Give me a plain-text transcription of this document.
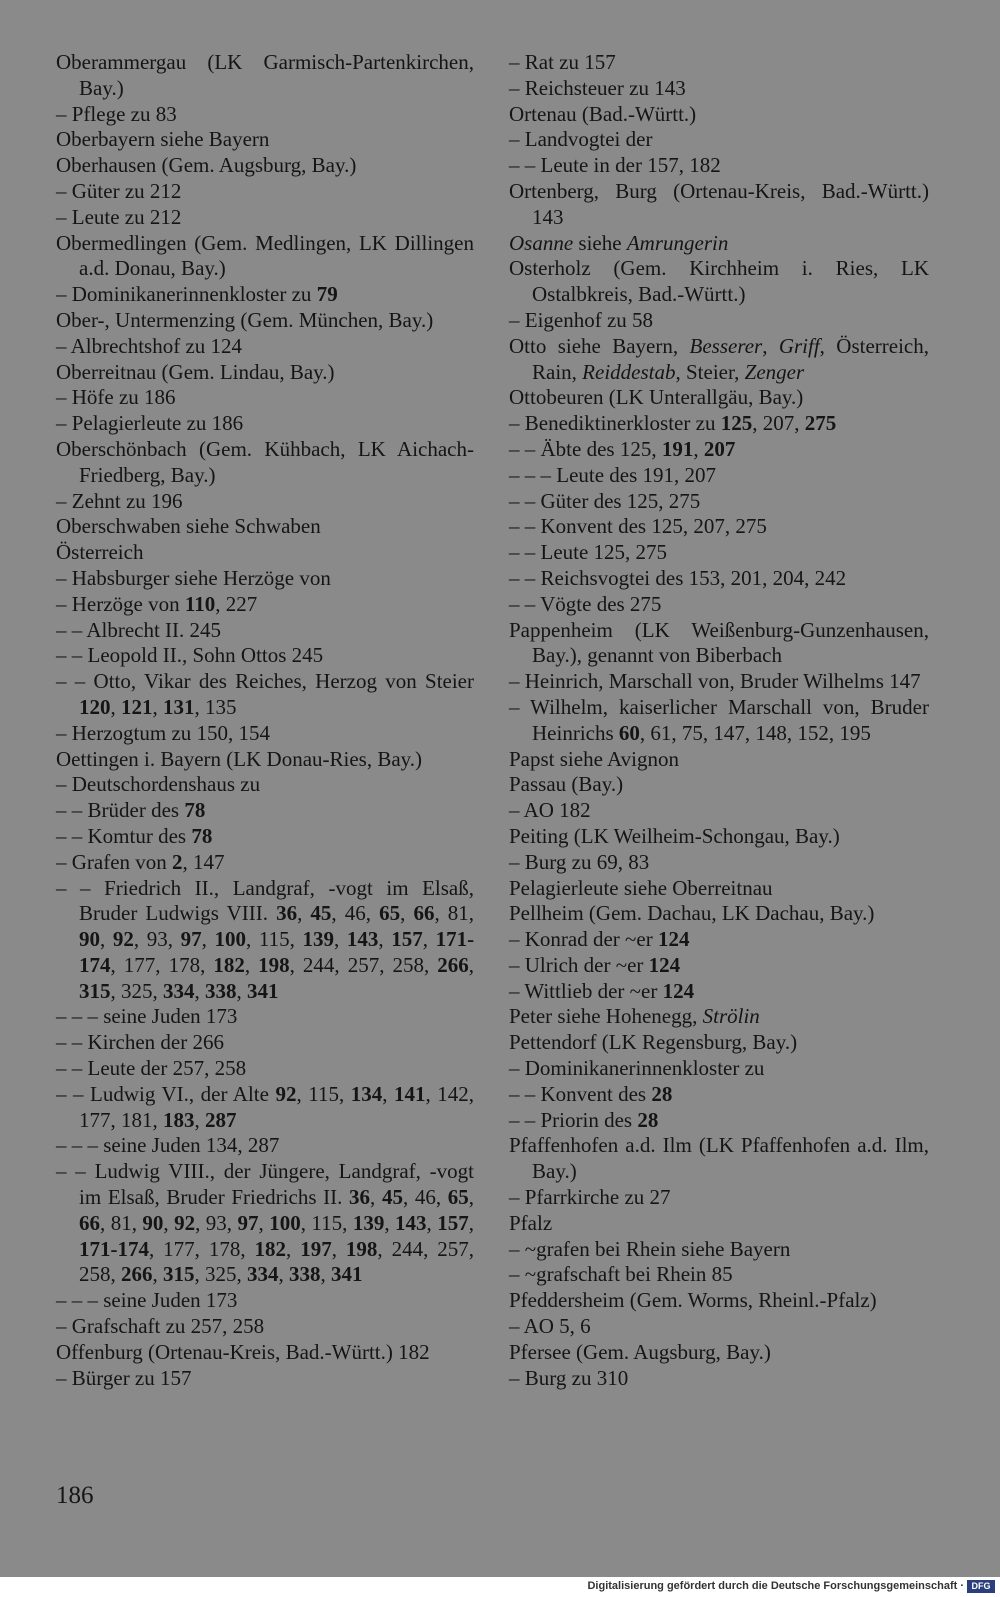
Oberammergau (LK Garmisch-Partenkirchen, Bay.)
– Pflege zu 83
Oberbayern siehe Bayern
Oberhausen (Gem. Augsburg, Bay.)
– Güter zu 212
– Leute zu 212
Obermedlingen (Gem. Medlingen, LK Dillingen a.d. Donau, Bay.)
– Dominikanerinnenkloster zu 79
Ober-, Untermenzing (Gem. München, Bay.)
– Albrechtshof zu 124
Oberreitnau (Gem. Lindau, Bay.)
– Höfe zu 186
– Pelagierleute zu 186
Oberschönbach (Gem. Kühbach, LK Aichach-Friedberg, Bay.)
– Zehnt zu 196
Oberschwaben siehe Schwaben
Österreich
– Habsburger siehe Herzöge von
– Herzöge von 110, 227
– – Albrecht II. 245
– – Leopold II., Sohn Ottos 245
– – Otto, Vikar des Reiches, Herzog von Steier 120, 121, 131, 135
– Herzogtum zu 150, 154
Oettingen i. Bayern (LK Donau-Ries, Bay.)
– Deutschordenshaus zu
– – Brüder des 78
– – Komtur des 78
– Grafen von 2, 147
– – Friedrich II., Landgraf, -vogt im Elsaß, Bruder Ludwigs VIII. 36, 45, 46, 65, 66, 81, 90, 92, 93, 97, 100, 115, 139, 143, 157, 171-174, 177, 178, 182, 198, 244, 257, 258, 266, 315, 325, 334, 338, 341
– – – seine Juden 173
– – Kirchen der 266
– – Leute der 257, 258
– – Ludwig VI., der Alte 92, 115, 134, 141, 142, 177, 181, 183, 287
– – – seine Juden 134, 287
– – Ludwig VIII., der Jüngere, Landgraf, -vogt im Elsaß, Bruder Friedrichs II. 36, 45, 46, 65, 66, 81, 90, 92, 93, 97, 100, 115, 139, 143, 157, 171-174, 177, 178, 182, 197, 198, 244, 257, 258, 266, 315, 325, 334, 338, 341
– – – seine Juden 173
– Grafschaft zu 257, 258
Offenburg (Ortenau-Kreis, Bad.-Württ.) 182
– Bürger zu 157
– Rat zu 157
– Reichsteuer zu 143
Ortenau (Bad.-Württ.)
– Landvogtei der
– – Leute in der 157, 182
Ortenberg, Burg (Ortenau-Kreis, Bad.-Württ.) 143
Osanne siehe Amrungerin
Osterholz (Gem. Kirchheim i. Ries, LK Ostalbkreis, Bad.-Württ.)
– Eigenhof zu 58
Otto siehe Bayern, Besserer, Griff, Österreich, Rain, Reiddestab, Steier, Zenger
Ottobeuren (LK Unterallgäu, Bay.)
– Benediktinerkloster zu 125, 207, 275
– – Äbte des 125, 191, 207
– – – Leute des 191, 207
– – Güter des 125, 275
– – Konvent des 125, 207, 275
– – Leute 125, 275
– – Reichsvogtei des 153, 201, 204, 242
– – Vögte des 275
Pappenheim (LK Weißenburg-Gunzenhausen, Bay.), genannt von Biberbach
– Heinrich, Marschall von, Bruder Wilhelms 147
– Wilhelm, kaiserlicher Marschall von, Bruder Heinrichs 60, 61, 75, 147, 148, 152, 195
Papst siehe Avignon
Passau (Bay.)
– AO 182
Peiting (LK Weilheim-Schongau, Bay.)
– Burg zu 69, 83
Pelagierleute siehe Oberreitnau
Pellheim (Gem. Dachau, LK Dachau, Bay.)
– Konrad der ~er 124
– Ulrich der ~er 124
– Wittlieb der ~er 124
Peter siehe Hohenegg, Strölin
Pettendorf (LK Regensburg, Bay.)
– Dominikanerinnenkloster zu
– – Konvent des 28
– – Priorin des 28
Pfaffenhofen a.d. Ilm (LK Pfaffenhofen a.d. Ilm, Bay.)
– Pfarrkirche zu 27
Pfalz
– ~grafen bei Rhein siehe Bayern
– ~grafschaft bei Rhein 85
Pfeddersheim (Gem. Worms, Rheinl.-Pfalz)
– AO 5, 6
Pfersee (Gem. Augsburg, Bay.)
– Burg zu 310
186
Digitalisierung gefördert durch die Deutsche Forschungsgemeinschaft · DFG
